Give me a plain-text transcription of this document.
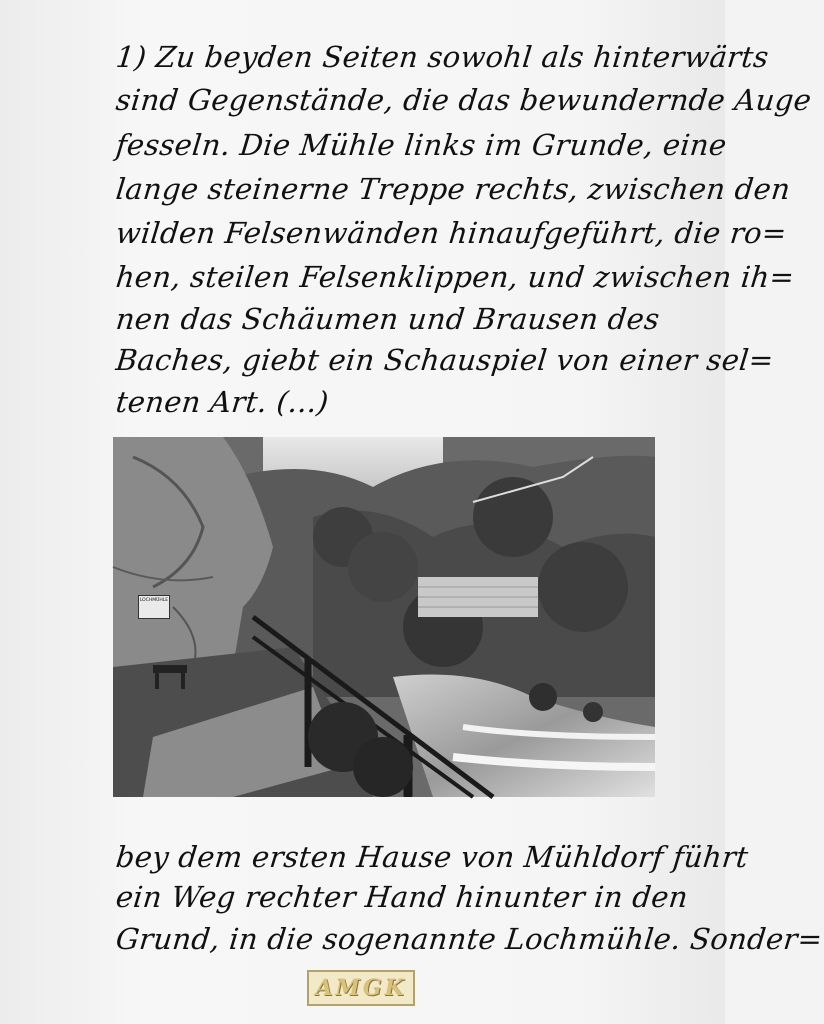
1) Zu beyden Seiten sowohl als hinterwärts
sind Gegenstände, die das bewundernde Auge
fesseln. Die Mühle links im Grunde, eine
lange steinerne Treppe rechts, zwischen den
wilden Felsenwänden hinaufgeführt, die ro=
hen, steilen Felsenklippen, und zwischen ih=
nen das Schäumen und Brausen des
Baches, giebt ein Schauspiel von einer sel=
tenen Art. (...)
LOCHMÜHLE
bey dem ersten Hause von Mühldorf führt
ein Weg rechter Hand hinunter in den
Grund, in die sogenannte Lochmühle. Sonder=
AMGK
